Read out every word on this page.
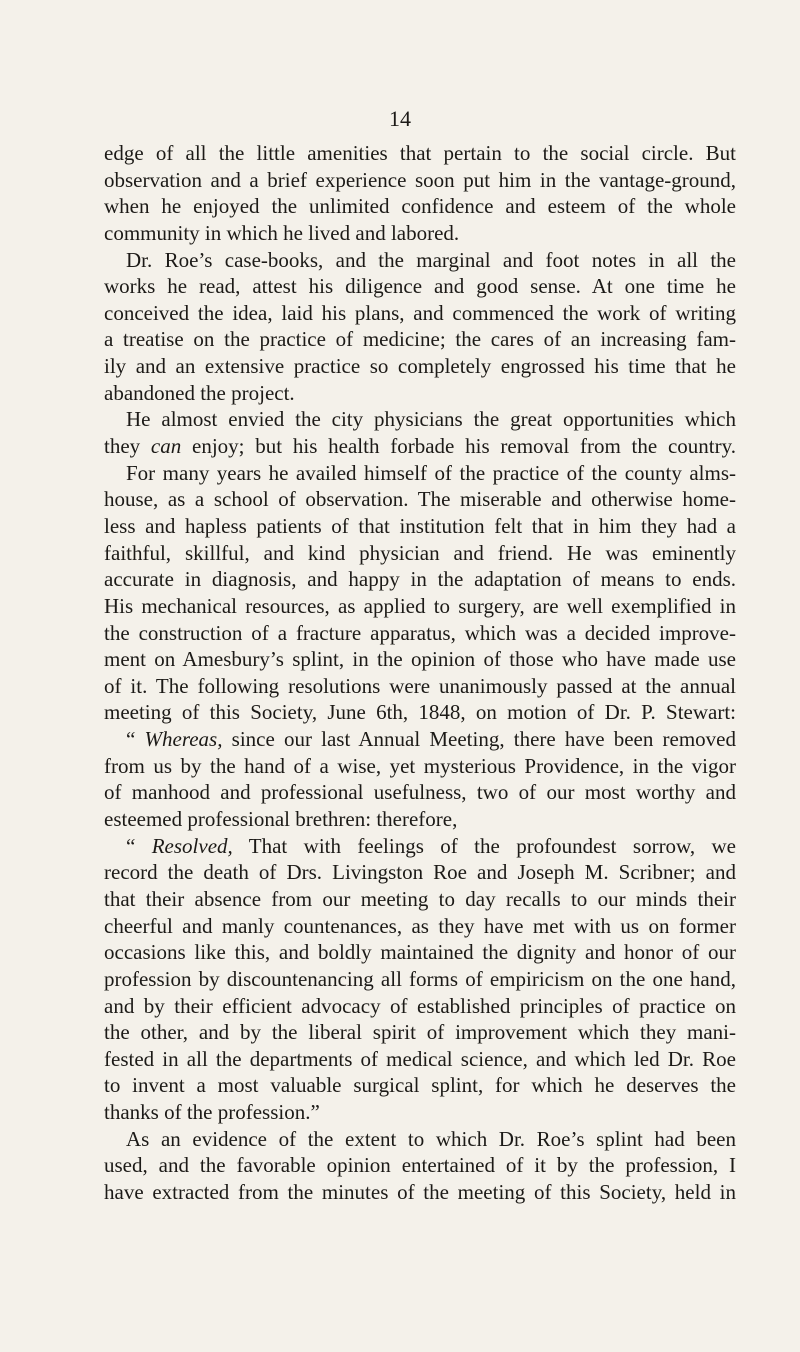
14
edge of all the little amenities that pertain to the social circle. But
observation and a brief experience soon put him in the vantage-ground,
when he enjoyed the unlimited confidence and esteem of the whole
community in which he lived and labored.
Dr. Roe’s case-books, and the marginal and foot notes in all the
works he read, attest his diligence and good sense. At one time he
conceived the idea, laid his plans, and commenced the work of writing
a treatise on the practice of medicine; the cares of an increasing fam-
ily and an extensive practice so completely engrossed his time that he
abandoned the project.
He almost envied the city physicians the great opportunities which
they can enjoy; but his health forbade his removal from the country.
For many years he availed himself of the practice of the county alms-
house, as a school of observation. The miserable and otherwise home-
less and hapless patients of that institution felt that in him they had a
faithful, skillful, and kind physician and friend. He was eminently
accurate in diagnosis, and happy in the adaptation of means to ends.
His mechanical resources, as applied to surgery, are well exemplified in
the construction of a fracture apparatus, which was a decided improve-
ment on Amesbury’s splint, in the opinion of those who have made use
of it. The following resolutions were unanimously passed at the annual
meeting of this Society, June 6th, 1848, on motion of Dr. P. Stewart:
“ Whereas, since our last Annual Meeting, there have been removed
from us by the hand of a wise, yet mysterious Providence, in the vigor
of manhood and professional usefulness, two of our most worthy and
esteemed professional brethren: therefore,
“ Resolved, That with feelings of the profoundest sorrow, we
record the death of Drs. Livingston Roe and Joseph M. Scribner; and
that their absence from our meeting to day recalls to our minds their
cheerful and manly countenances, as they have met with us on former
occasions like this, and boldly maintained the dignity and honor of our
profession by discountenancing all forms of empiricism on the one hand,
and by their efficient advocacy of established principles of practice on
the other, and by the liberal spirit of improvement which they mani-
fested in all the departments of medical science, and which led Dr. Roe
to invent a most valuable surgical splint, for which he deserves the
thanks of the profession.”
As an evidence of the extent to which Dr. Roe’s splint had been
used, and the favorable opinion entertained of it by the profession, I
have extracted from the minutes of the meeting of this Society, held in
